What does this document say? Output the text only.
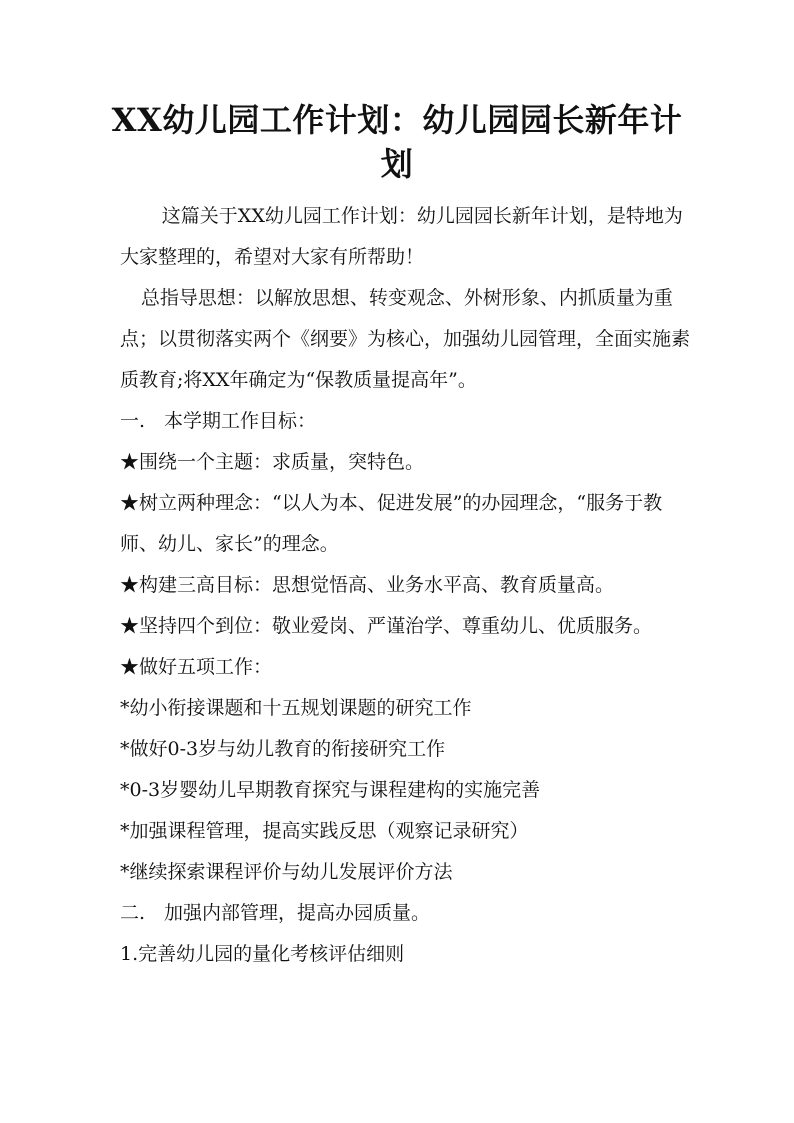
XX幼儿园工作计划：幼儿园园长新年计划

这篇关于XX幼儿园工作计划：幼儿园园长新年计划，是特地为大家整理的，希望对大家有所帮助！

总指导思想：以解放思想、转变观念、外树形象、内抓质量为重点；以贯彻落实两个《纲要》为核心，加强幼儿园管理，全面实施素质教育;将XX年确定为“保教质量提高年”。

一.　本学期工作目标：

★围绕一个主题：求质量，突特色。

★树立两种理念：“以人为本、促进发展”的办园理念，“服务于教师、幼儿、家长”的理念。

★构建三高目标：思想觉悟高、业务水平高、教育质量高。

★坚持四个到位：敬业爱岗、严谨治学、尊重幼儿、优质服务。

★做好五项工作：

*幼小衔接课题和十五规划课题的研究工作

*做好0-3岁与幼儿教育的衔接研究工作

*0-3岁婴幼儿早期教育探究与课程建构的实施完善

*加强课程管理，提高实践反思（观察记录研究）

*继续探索课程评价与幼儿发展评价方法

二.　加强内部管理，提高办园质量。

1.完善幼儿园的量化考核评估细则
